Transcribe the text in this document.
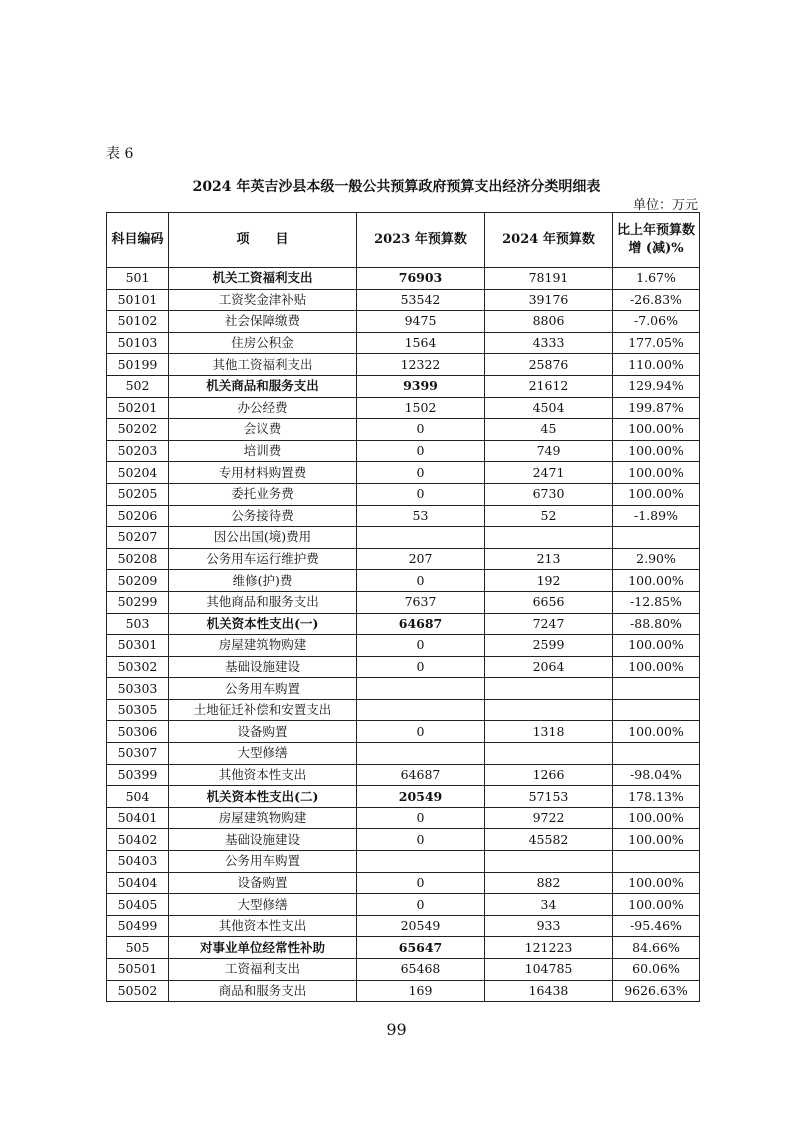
表 6
2024 年英吉沙县本级一般公共预算政府预算支出经济分类明细表
单位：万元
科目编码	项　　目	2023 年预算数	2024 年预算数	比上年预算数
增 (减)%

501	机关工资福利支出	76903	78191	1.67%
50101	工资奖金津补贴	53542	39176	-26.83%
50102	社会保障缴费	9475	8806	-7.06%
50103	住房公积金	1564	4333	177.05%
50199	其他工资福利支出	12322	25876	110.00%
502	机关商品和服务支出	9399	21612	129.94%
50201	办公经费	1502	4504	199.87%
50202	会议费	0	45	100.00%
50203	培训费	0	749	100.00%
50204	专用材料购置费	0	2471	100.00%
50205	委托业务费	0	6730	100.00%
50206	公务接待费	53	52	-1.89%
50207	因公出国(境)费用			
50208	公务用车运行维护费	207	213	2.90%
50209	维修(护)费	0	192	100.00%
50299	其他商品和服务支出	7637	6656	-12.85%
503	机关资本性支出(一)	64687	7247	-88.80%
50301	房屋建筑物购建	0	2599	100.00%
50302	基础设施建设	0	2064	100.00%
50303	公务用车购置			
50305	土地征迁补偿和安置支出			
50306	设备购置	0	1318	100.00%
50307	大型修缮			
50399	其他资本性支出	64687	1266	-98.04%
504	机关资本性支出(二)	20549	57153	178.13%
50401	房屋建筑物购建	0	9722	100.00%
50402	基础设施建设	0	45582	100.00%
50403	公务用车购置			
50404	设备购置	0	882	100.00%
50405	大型修缮	0	34	100.00%
50499	其他资本性支出	20549	933	-95.46%
505	对事业单位经常性补助	65647	121223	84.66%
50501	工资福利支出	65468	104785	60.06%
50502	商品和服务支出	169	16438	9626.63%
99
